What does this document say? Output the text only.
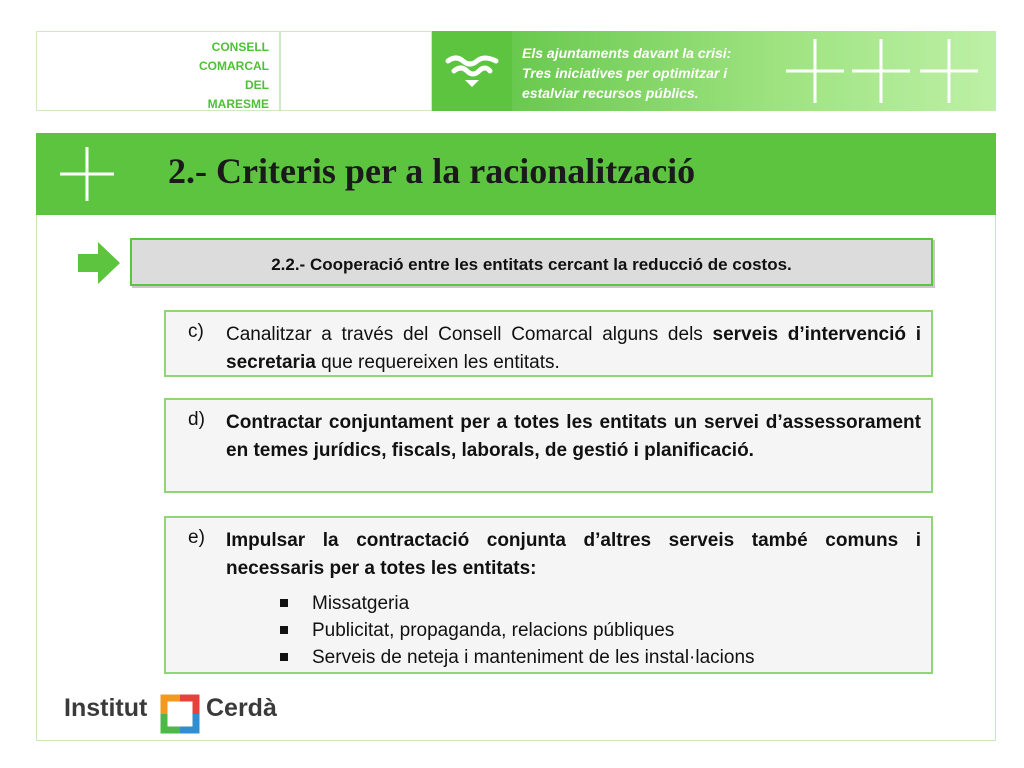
CONSELL
COMARCAL
DEL
MARESME
Els ajuntaments davant la crisi:
Tres iniciatives per optimitzar i
estalviar recursos públics.
2.- Criteris per a la racionalització
2.2.- Cooperació entre les entitats cercant la reducció de costos.
c) Canalitzar a través del Consell Comarcal alguns dels serveis d’intervenció i secretaria que requereixen les entitats.
d) Contractar conjuntament per a totes les entitats un servei d’assessorament en temes jurídics, fiscals, laborals, de gestió i planificació.
e) Impulsar la contractació conjunta d’altres serveis també comuns i necessaris per a totes les entitats:
Missatgeria
Publicitat, propaganda, relacions públiques
Serveis de neteja i manteniment de les instal·lacions
Institut Cerdà
